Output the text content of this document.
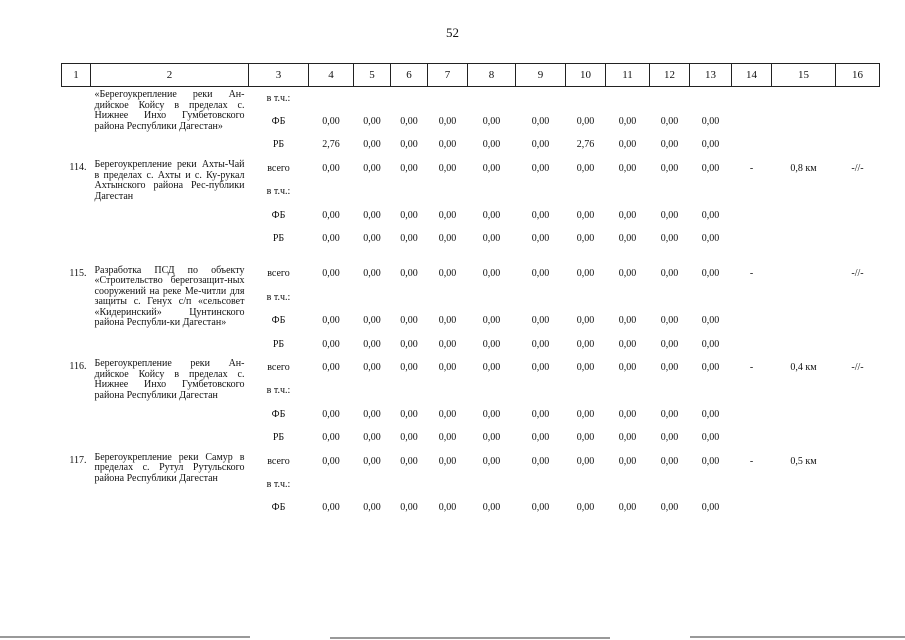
52
1	2	3	4	5	6	7	8	9	10	11	12	13	14	15	16
	«Берегоукрепление реки Ан-дийское Койсу в пределах с. Нижнее Инхо Гумбетовского района Республики Дагестан»	в т.ч.:													
		ФБ	0,00	0,00	0,00	0,00	0,00	0,00	0,00	0,00	0,00	0,00			
		РБ	2,76	0,00	0,00	0,00	0,00	0,00	2,76	0,00	0,00	0,00			
114.	Берегоукрепление реки Ахты-Чай в пределах с. Ахты и с. Ку-рукал Ахтынского района Рес-публики Дагестан	всего	0,00	0,00	0,00	0,00	0,00	0,00	0,00	0,00	0,00	0,00	-	0,8 км	-//-
		в т.ч.:													
		ФБ	0,00	0,00	0,00	0,00	0,00	0,00	0,00	0,00	0,00	0,00			
		РБ	0,00	0,00	0,00	0,00	0,00	0,00	0,00	0,00	0,00	0,00			

115.	Разработка ПСД по объекту «Строительство берегозащит-ных сооружений на реке Ме-читли для защиты с. Генух с/п «сельсовет «Кидеринский» Цунтинского района Республи-ки Дагестан»	всего	0,00	0,00	0,00	0,00	0,00	0,00	0,00	0,00	0,00	0,00	-		-//-
		в т.ч.:													
		ФБ	0,00	0,00	0,00	0,00	0,00	0,00	0,00	0,00	0,00	0,00			
		РБ	0,00	0,00	0,00	0,00	0,00	0,00	0,00	0,00	0,00	0,00			
116.	Берегоукрепление реки Ан-дийское Койсу в пределах с. Нижнее Инхо Гумбетовского района Республики Дагестан	всего	0,00	0,00	0,00	0,00	0,00	0,00	0,00	0,00	0,00	0,00	-	0,4 км	-//-
		в т.ч.:													
		ФБ	0,00	0,00	0,00	0,00	0,00	0,00	0,00	0,00	0,00	0,00			
		РБ	0,00	0,00	0,00	0,00	0,00	0,00	0,00	0,00	0,00	0,00			
117.	Берегоукрепление реки Самур в пределах с. Рутул Рутульского района Республики Дагестан	всего	0,00	0,00	0,00	0,00	0,00	0,00	0,00	0,00	0,00	0,00	-	0,5 км	
		в т.ч.:													
		ФБ	0,00	0,00	0,00	0,00	0,00	0,00	0,00	0,00	0,00	0,00			
